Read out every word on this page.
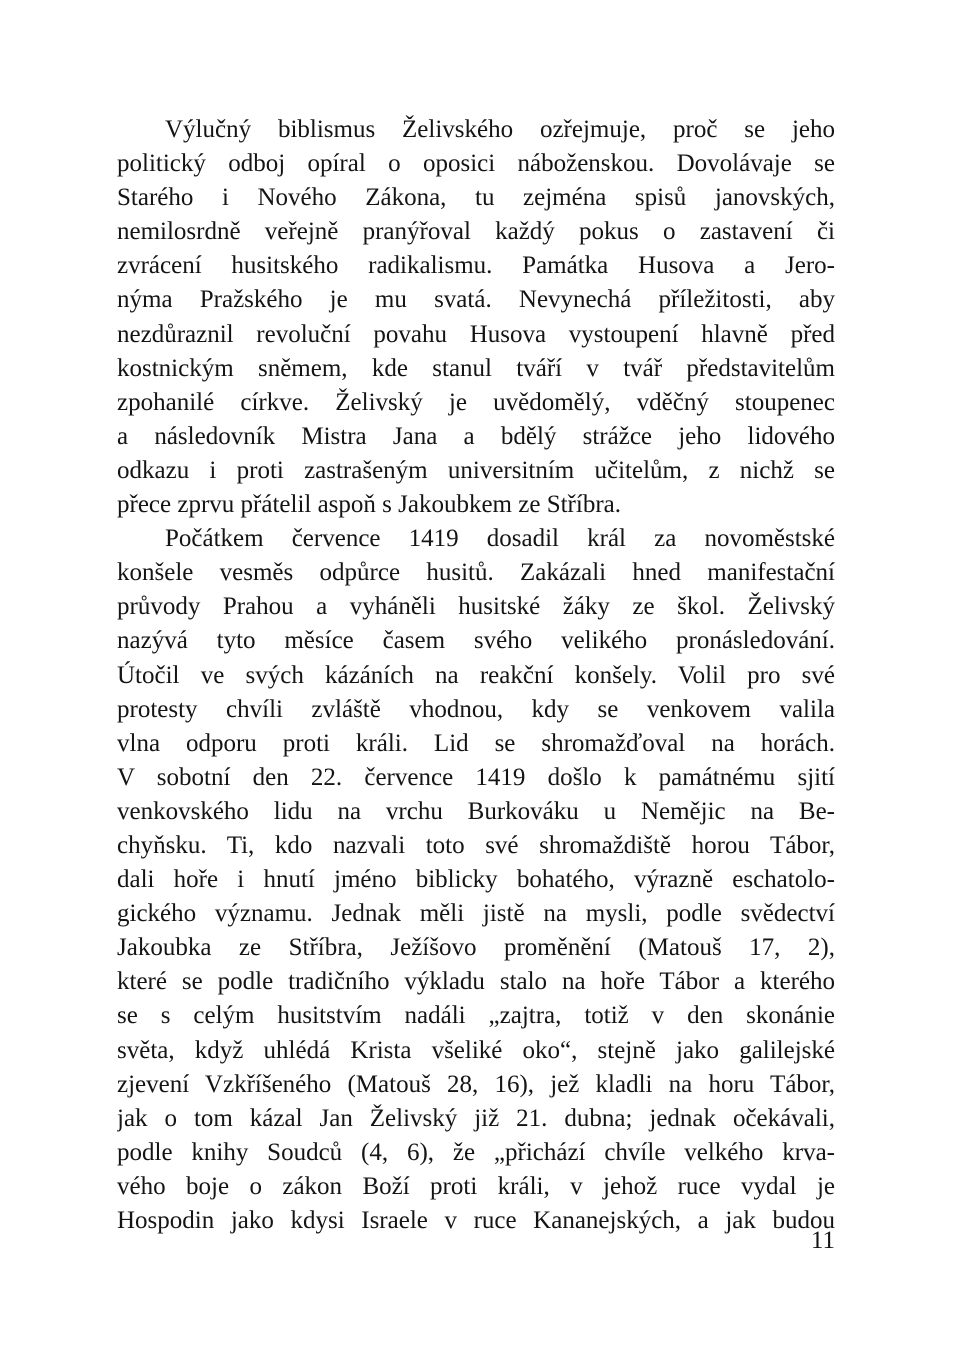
Výlučný biblismus Želivského ozřejmuje, proč se jeho
politický odboj opíral o oposici náboženskou. Dovolávaje se
Starého i Nového Zákona, tu zejména spisů janovských,
nemilosrdně veřejně pranýřoval každý pokus o zastavení či
zvrácení husitského radikalismu. Památka Husova a Jero-
nýma Pražského je mu svatá. Nevynechá příležitosti, aby
nezdůraznil revoluční povahu Husova vystoupení hlavně před
kostnickým sněmem, kde stanul tváří v tvář představitelům
zpohanilé církve. Želivský je uvědomělý, vděčný stoupenec
a následovník Mistra Jana a bdělý strážce jeho lidového
odkazu i proti zastrašeným universitním učitelům, z nichž se
přece zprvu přátelil aspoň s Jakoubkem ze Stříbra.
Počátkem července 1419 dosadil král za novoměstské
konšele vesměs odpůrce husitů. Zakázali hned manifestační
průvody Prahou a vyháněli husitské žáky ze škol. Želivský
nazývá tyto měsíce časem svého velikého pronásledování.
Útočil ve svých kázáních na reakční konšely. Volil pro své
protesty chvíli zvláště vhodnou, kdy se venkovem valila
vlna odporu proti králi. Lid se shromažďoval na horách.
V sobotní den 22. července 1419 došlo k památnému sjití
venkovského lidu na vrchu Burkováku u Nemějic na Be-
chyňsku. Ti, kdo nazvali toto své shromaždiště horou Tábor,
dali hoře i hnutí jméno biblicky bohatého, výrazně eschatolo-
gického významu. Jednak měli jistě na mysli, podle svědectví
Jakoubka ze Stříbra, Ježíšovo proměnění (Matouš 17, 2),
které se podle tradičního výkladu stalo na hoře Tábor a kterého
se s celým husitstvím nadáli „zajtra, totiž v den skonánie
světa, když uhlédá Krista všeliké oko“, stejně jako galilejské
zjevení Vzkříšeného (Matouš 28, 16), jež kladli na horu Tábor,
jak o tom kázal Jan Želivský již 21. dubna; jednak očekávali,
podle knihy Soudců (4, 6), že „přichází chvíle velkého krva-
vého boje o zákon Boží proti králi, v jehož ruce vydal je
Hospodin jako kdysi Israele v ruce Kananejských, a jak budou
11
